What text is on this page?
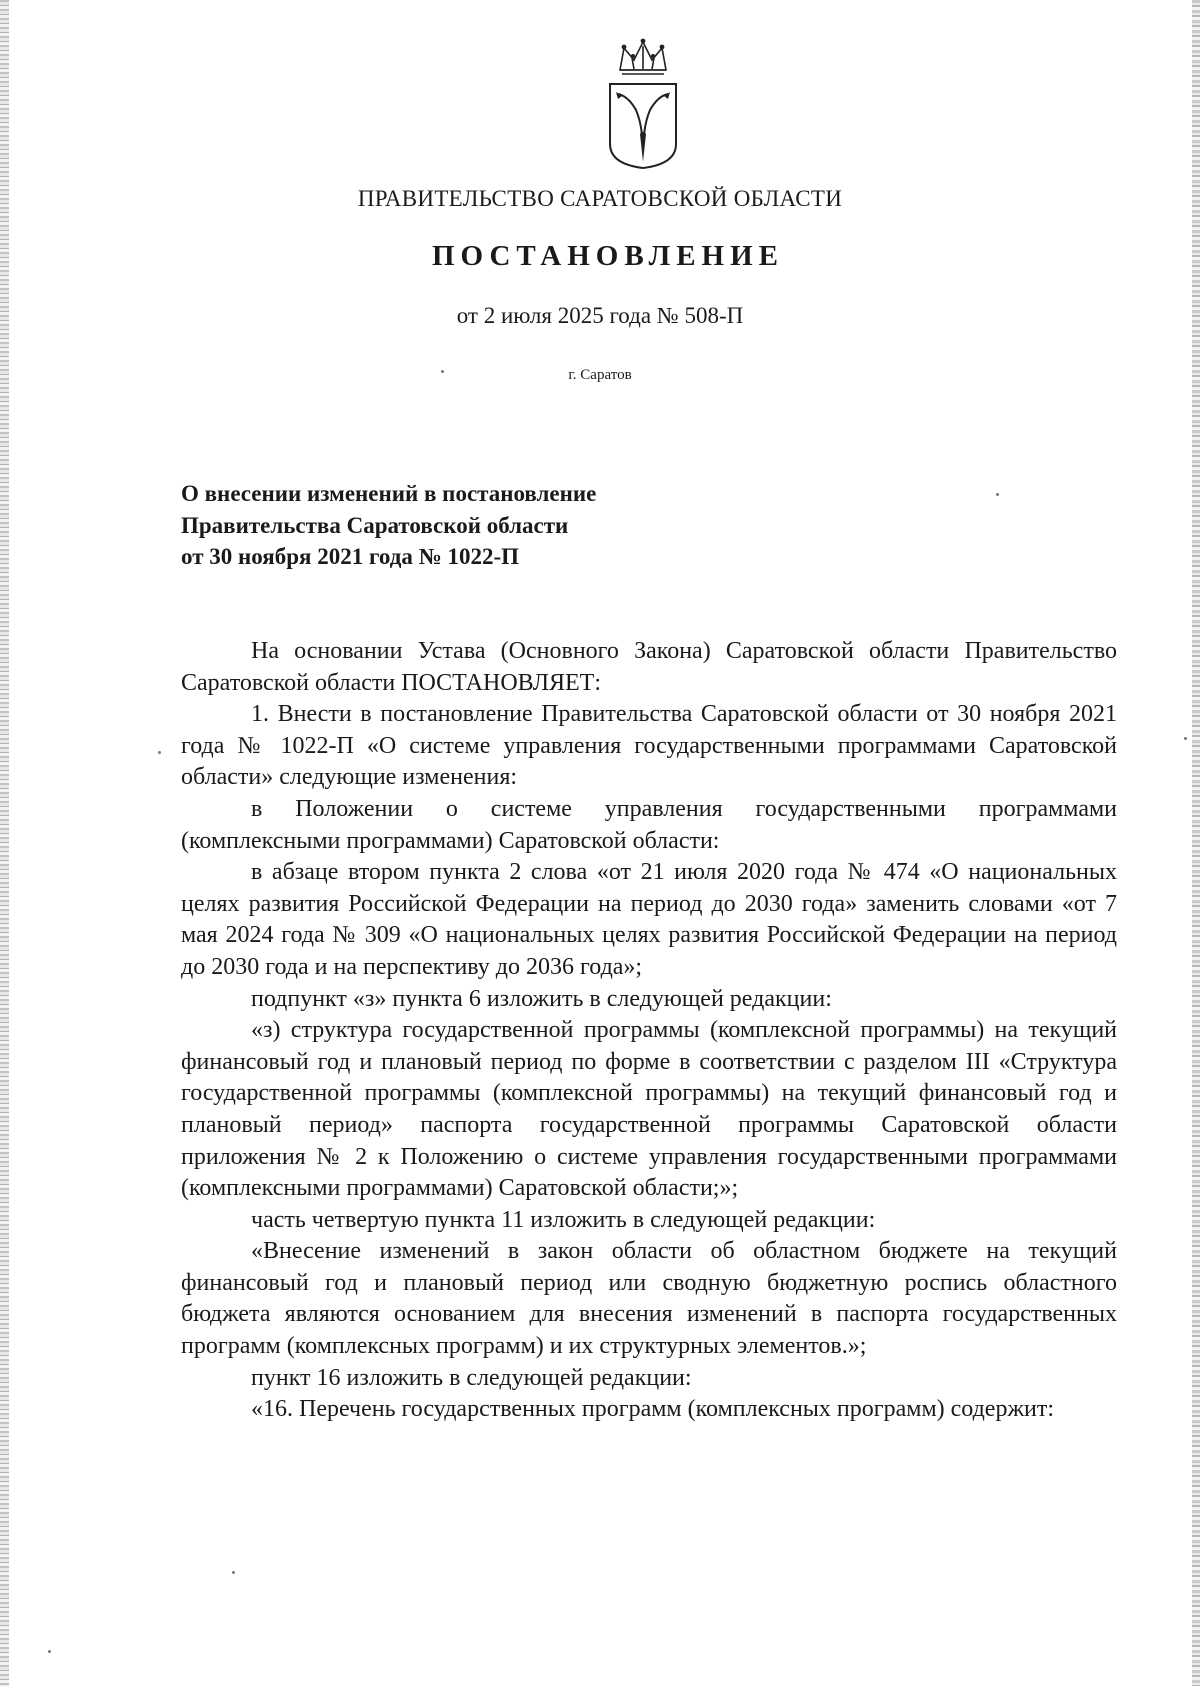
ПРАВИТЕЛЬСТВО САРАТОВСКОЙ ОБЛАСТИ
ПОСТАНОВЛЕНИЕ
от 2 июля 2025 года № 508-П
г. Саратов
О внесении изменений в постановление
Правительства Саратовской области
от 30 ноября 2021 года № 1022-П

На основании Устава (Основного Закона) Саратовской области Правительство Саратовской области ПОСТАНОВЛЯЕТ:

1. Внести в постановление Правительства Саратовской области от 30 ноября 2021 года № 1022-П «О системе управления государственными программами Саратовской области» следующие изменения:

в Положении о системе управления государственными программами (комплексными программами) Саратовской области:

в абзаце втором пункта 2 слова «от 21 июля 2020 года № 474 «О национальных целях развития Российской Федерации на период до 2030 года» заменить словами «от 7 мая 2024 года № 309 «О национальных целях развития Российской Федерации на период до 2030 года и на перспективу до 2036 года»;

подпункт «з» пункта 6 изложить в следующей редакции:

«з) структура государственной программы (комплексной программы) на текущий финансовый год и плановый период по форме в соответствии с разделом III «Структура государственной программы (комплексной программы) на текущий финансовый год и плановый период» паспорта государственной программы Саратовской области приложения № 2 к Положению о системе управления государственными программами (комплексными программами) Саратовской области;»;

часть четвертую пункта 11 изложить в следующей редакции:

«Внесение изменений в закон области об областном бюджете на текущий финансовый год и плановый период или сводную бюджетную роспись областного бюджета являются основанием для внесения изменений в паспорта государственных программ (комплексных программ) и их структурных элементов.»;

пункт 16 изложить в следующей редакции:

«16. Перечень государственных программ (комплексных программ) содержит:
